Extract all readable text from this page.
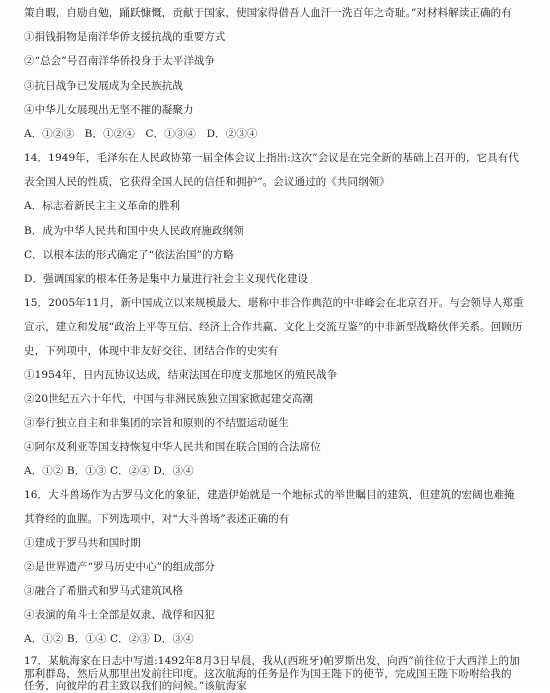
策自暇，自励自勉，踊跃慷慨，贡献于国家，使国家得借吾人血汗一洗百年之奇耻。”对材料解读正确的有
①捐钱捐物是南洋华侨支援抗战的重要方式
②“总会”号召南洋华侨投身于太平洋战争
③抗日战争已发展成为全民族抗战
④中华儿女展现出无坚不摧的凝聚力
A．①②③　B．①②④　C．①③④　D．②③④
14．1949年，毛泽东在人民政协第一届全体会议上指出:这次”会议是在完全新的基础上召开的，它具有代
表全国人民的性质，它获得全国人民的信任和拥护”。会议通过的《共同纲领》
A．标志着新民主主义革命的胜利
B．成为中华人民共和国中央人民政府施政纲领
C．以根本法的形式确定了“依法治国”的方略
D．强调国家的根本任务是集中力量进行社会主义现代化建设
15．2005年11月，新中国成立以来规模最大、堪称中非合作典范的中非峰会在北京召开。与会领导人郑重
宣示，建立和发展“政治上平等互信、经济上合作共赢、文化上交流互鉴”的中非新型战略伙伴关系。回顾历
史，下列项中，体现中非友好交往、团结合作的史实有
①1954年，日内瓦协议达成，结束法国在印度支那地区的殖民战争
②20世纪五六十年代，中国与非洲民族独立国家掀起建交高潮
③奉行独立自主和非集团的宗旨和原则的不结盟运动诞生
④阿尔及利亚等国支持恢复中华人民共和国在联合国的合法席位
A．①② B．①③ C．②④ D．③④
16．大斗兽场作为古罗马文化的象征，建造伊始就是一个地标式的举世瞩目的建筑，但建筑的宏阔也难掩
其脊经的血腥。下列选项中，对“大斗兽场”表述正确的有
①建成于罗马共和国时期
②是世界遗产“罗马历史中心”的组成部分
③融合了希腊式和罗马式建筑风格
④表演的角斗士全部是奴隶、战俘和囚犯
A．①② B．①④ C．②③ D．③④
17．某航海家在日志中写道:1492年8月3日早晨，我从(西班牙)帕罗斯出发，向西”前往位于大西洋上的加
那利群岛，然后从那里出发前往印度。这次航海的任务是作为国王陛下的使节，完成国王陛下吩咐给我的
任务，向彼岸的君主致以我们的问候。”该航海家
